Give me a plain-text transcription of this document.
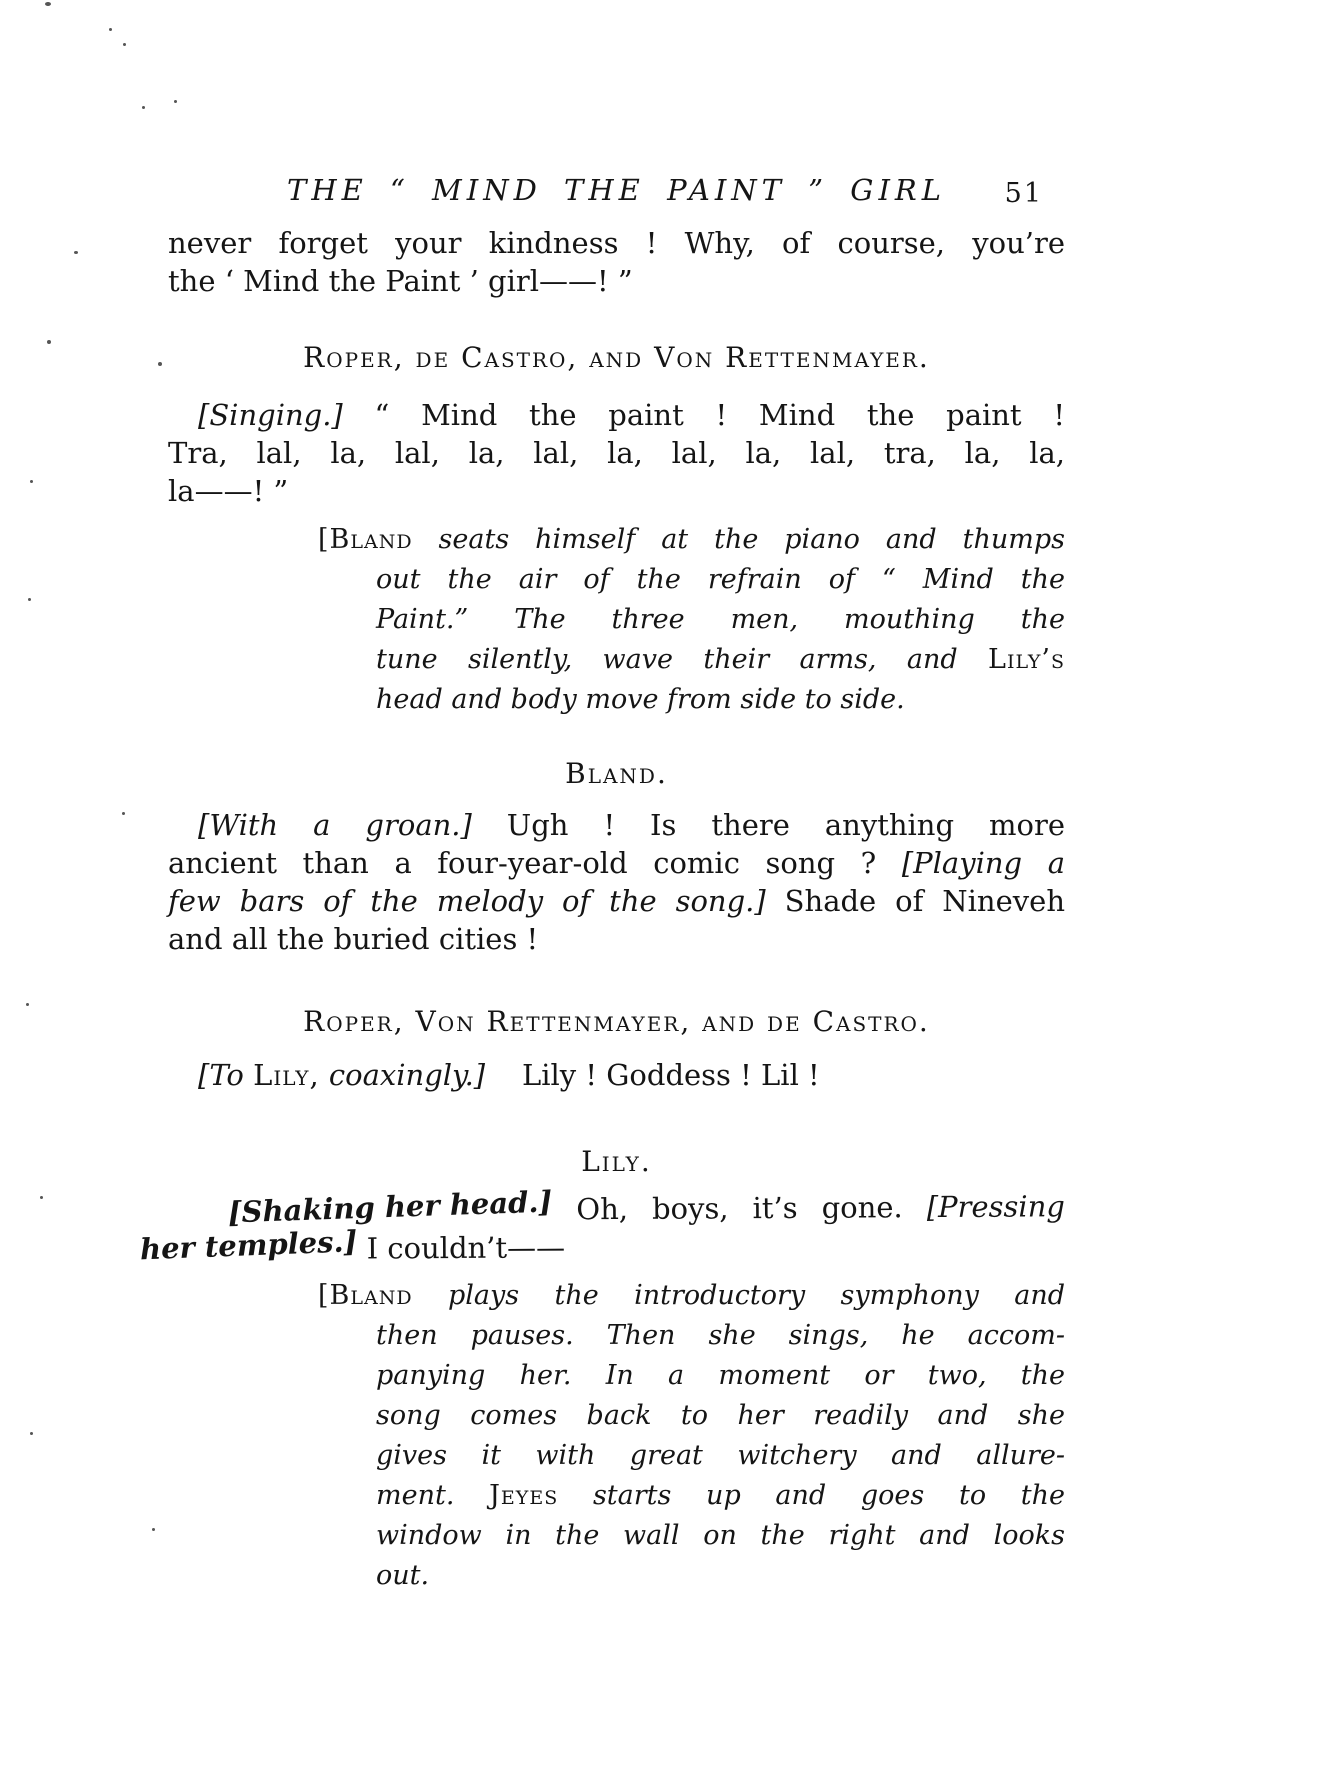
THE “ MIND THE PAINT ” GIRL 51
never forget your kindness ! Why, of course, you’re
the ‘ Mind the Paint ’ girl——! ”
Roper, de Castro, and Von Rettenmayer.
[Singing.] “ Mind the paint ! Mind the paint !
Tra, lal, la, lal, la, lal, la, lal, la, lal, tra, la, la,
la——! ”
[Bland seats himself at the piano and thumps
out the air of the refrain of “ Mind the
Paint.” The three men, mouthing the
tune silently, wave their arms, and Lily’s
head and body move from side to side.
Bland.
[With a groan.] Ugh ! Is there anything more
ancient than a four-year-old comic song ? [Playing a
few bars of the melody of the song.] Shade of Nineveh
and all the buried cities !
Roper, Von Rettenmayer, and de Castro.
[To Lily, coaxingly.]    Lily ! Goddess ! Lil !
Lily.
[Shaking her head.] Oh, boys, it’s gone. [Pressing
her temples.] I couldn’t——
[Bland plays the introductory symphony and
then pauses. Then she sings, he accom-
panying her. In a moment or two, the
song comes back to her readily and she
gives it with great witchery and allure-
ment. Jeyes starts up and goes to the
window in the wall on the right and looks
out.
